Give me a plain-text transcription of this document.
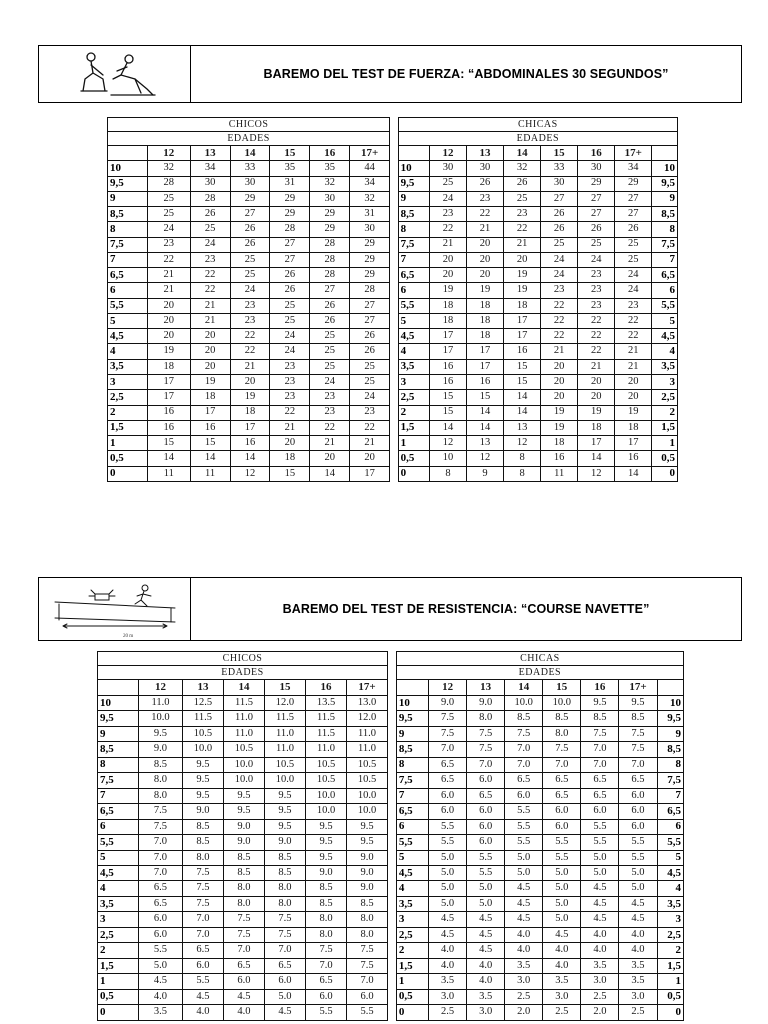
BAREMO DEL TEST DE FUERZA: “ABDOMINALES 30 SEGUNDOS”
CHICOS								CHICAS							
EDADES								EDADES							
	12	13	14	15	16	17+			12	13	14	15	16	17+	
10	32	34	33	35	35	44		10	30	30	32	33	30	34	10
9,5	28	30	30	31	32	34		9,5	25	26	26	30	29	29	9,5
9	25	28	29	29	30	32		9	24	23	25	27	27	27	9
8,5	25	26	27	29	29	31		8,5	23	22	23	26	27	27	8,5
8	24	25	26	28	29	30		8	22	21	22	26	26	26	8
7,5	23	24	26	27	28	29		7,5	21	20	21	25	25	25	7,5
7	22	23	25	27	28	29		7	20	20	20	24	24	25	7
6,5	21	22	25	26	28	29		6,5	20	20	19	24	23	24	6,5
6	21	22	24	26	27	28		6	19	19	19	23	23	24	6
5,5	20	21	23	25	26	27		5,5	18	18	18	22	23	23	5,5
5	20	21	23	25	26	27		5	18	18	17	22	22	22	5
4,5	20	20	22	24	25	26		4,5	17	18	17	22	22	22	4,5
4	19	20	22	24	25	26		4	17	17	16	21	22	21	4
3,5	18	20	21	23	25	25		3,5	16	17	15	20	21	21	3,5
3	17	19	20	23	24	25		3	16	16	15	20	20	20	3
2,5	17	18	19	23	23	24		2,5	15	15	14	20	20	20	2,5
2	16	17	18	22	23	23		2	15	14	14	19	19	19	2
1,5	16	16	17	21	22	22		1,5	14	14	13	19	18	18	1,5
1	15	15	16	20	21	21		1	12	13	12	18	17	17	1
0,5	14	14	14	18	20	20		0,5	10	12	8	16	14	16	0,5
0	11	11	12	15	14	17		0	8	9	8	11	12	14	0
20 m
BAREMO DEL TEST DE RESISTENCIA: “COURSE NAVETTE”
CHICOS								CHICAS							
EDADES								EDADES							
	12	13	14	15	16	17+			12	13	14	15	16	17+	
10	11.0	12.5	11.5	12.0	13.5	13.0		10	9.0	9.0	10.0	10.0	9.5	9.5	10
9,5	10.0	11.5	11.0	11.5	11.5	12.0		9,5	7.5	8.0	8.5	8.5	8.5	8.5	9,5
9	9.5	10.5	11.0	11.0	11.5	11.0		9	7.5	7.5	7.5	8.0	7.5	7.5	9
8,5	9.0	10.0	10.5	11.0	11.0	11.0		8,5	7.0	7.5	7.0	7.5	7.0	7.5	8,5
8	8.5	9.5	10.0	10.5	10.5	10.5		8	6.5	7.0	7.0	7.0	7.0	7.0	8
7,5	8.0	9.5	10.0	10.0	10.5	10.5		7,5	6.5	6.0	6.5	6.5	6.5	6.5	7,5
7	8.0	9.5	9.5	9.5	10.0	10.0		7	6.0	6.5	6.0	6.5	6.5	6.0	7
6,5	7.5	9.0	9.5	9.5	10.0	10.0		6,5	6.0	6.0	5.5	6.0	6.0	6.0	6,5
6	7.5	8.5	9.0	9.5	9.5	9.5		6	5.5	6.0	5.5	6.0	5.5	6.0	6
5,5	7.0	8.5	9.0	9.0	9.5	9.5		5,5	5.5	6.0	5.5	5.5	5.5	5.5	5,5
5	7.0	8.0	8.5	8.5	9.5	9.0		5	5.0	5.5	5.0	5.5	5.0	5.5	5
4,5	7.0	7.5	8.5	8.5	9.0	9.0		4,5	5.0	5.5	5.0	5.0	5.0	5.0	4,5
4	6.5	7.5	8.0	8.0	8.5	9.0		4	5.0	5.0	4.5	5.0	4.5	5.0	4
3,5	6.5	7.5	8.0	8.0	8.5	8.5		3,5	5.0	5.0	4.5	5.0	4.5	4.5	3,5
3	6.0	7.0	7.5	7.5	8.0	8.0		3	4.5	4.5	4.5	5.0	4.5	4.5	3
2,5	6.0	7.0	7.5	7.5	8.0	8.0		2,5	4.5	4.5	4.0	4.5	4.0	4.0	2,5
2	5.5	6.5	7.0	7.0	7.5	7.5		2	4.0	4.5	4.0	4.0	4.0	4.0	2
1,5	5.0	6.0	6.5	6.5	7.0	7.5		1,5	4.0	4.0	3.5	4.0	3.5	3.5	1,5
1	4.5	5.5	6.0	6.0	6.5	7.0		1	3.5	4.0	3.0	3.5	3.0	3.5	1
0,5	4.0	4.5	4.5	5.0	6.0	6.0		0,5	3.0	3.5	2.5	3.0	2.5	3.0	0,5
0	3.5	4.0	4.0	4.5	5.5	5.5		0	2.5	3.0	2.0	2.5	2.0	2.5	0
